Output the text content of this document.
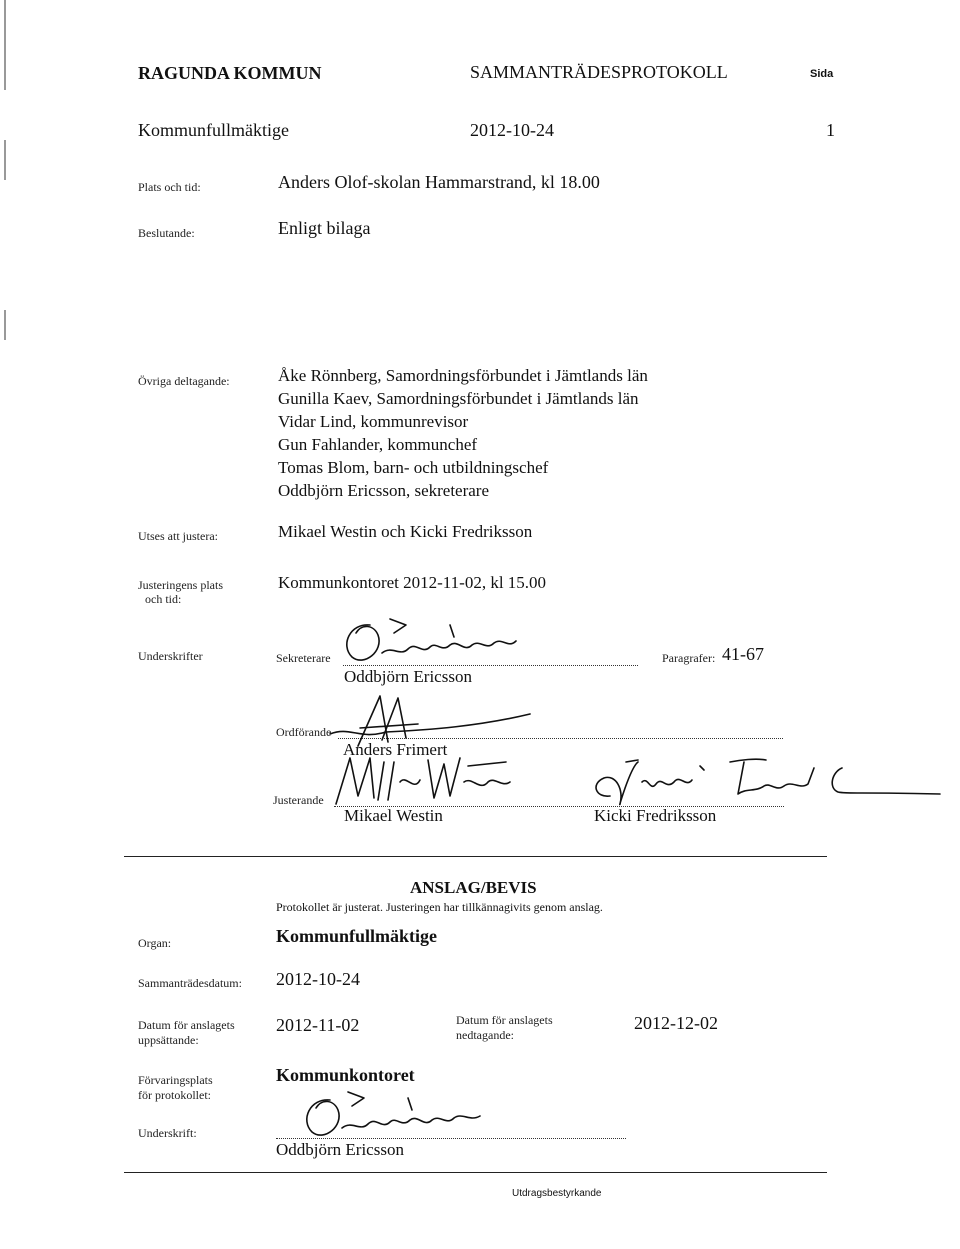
RAGUNDA KOMMUN	SAMMANTRÄDESPROTOKOLL	Sida
Kommunfullmäktige	2012-10-24	1
Plats och tid:	Anders Olof-skolan Hammarstrand, kl 18.00
Beslutande:	Enligt bilaga
Övriga deltagande:	Åke Rönnberg, Samordningsförbundet i Jämtlands län
Gunilla Kaev, Samordningsförbundet i Jämtlands län
Vidar Lind, kommunrevisor
Gun Fahlander, kommunchef
Tomas Blom, barn- och utbildningschef
Oddbjörn Ericsson, sekreterare
Utses att justera:	Mikael Westin och Kicki Fredriksson
Justeringens plats
och tid:
Kommunkontoret 2012-11-02, kl 15.00
Underskrifter	Sekreterare
Oddbjörn Ericsson
Paragrafer: 41-67
Ordförande
Anders Frimert
Justerande
Mikael Westin	Kicki Fredriksson
ANSLAG/BEVIS
Protokollet är justerat. Justeringen har tillkännagivits genom anslag.
Organ:	Kommunfullmäktige
Sammanträdesdatum: 2012-10-24
Datum för anslagets
uppsättande:
2012-11-02	Datum för anslagets
nedtagande:
2012-12-02
Förvaringsplats
för protokollet:
Kommunkontoret
Underskrift:
Oddbjörn Ericsson
Utdragsbestyrkande
